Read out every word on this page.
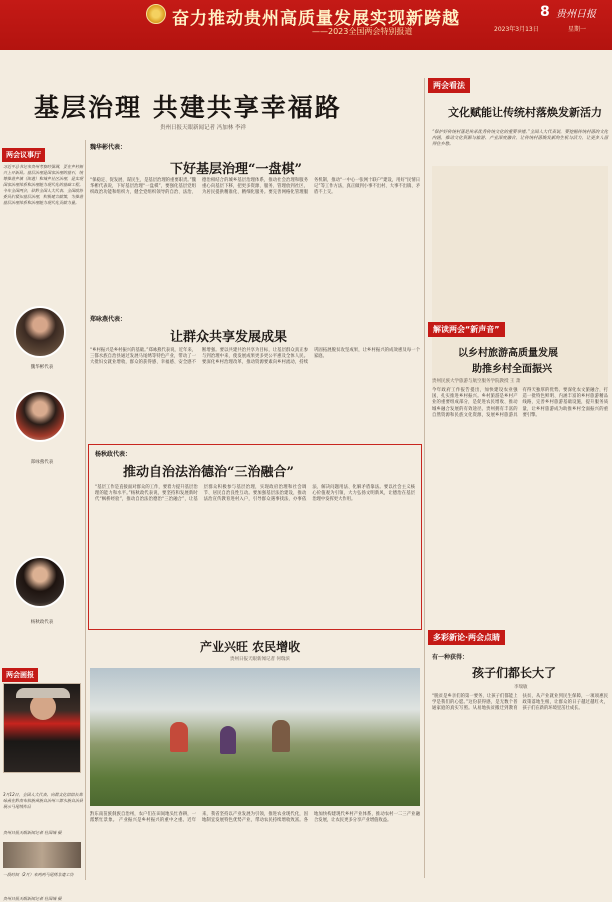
奋力推动贵州高质量发展实现新跨越
——2023全国两会特别报道
8 贵州日报
2023年3月13日	星期一
基层治理 共建共享幸福路
贵州日报天眼新闻记者 冯加林 李祥
两会议事厅
习近平总书记来贵州考察时强调，要在乡村振兴上开新局。基层治理是国家治理的基石，统筹推进乡镇（街道）和城乡社区治理，是实现国家治理体系和治理能力现代化的基础工程。今年全国两会，驻黔全国人大代表、全国政协委员们紧扣基层治理，积极建言献策，为推进基层治理体系和治理能力现代化贡献力量。
魏华彬代表
郑咏燕代表
杨秋政代表
两会画报
3月12日，全国人大代表、向群文化馆馆长郑咏燕在黔南布依族苗族自治州三都水族自治县展示马尾绣作品
贵州日报天眼新闻记者 杜国城 摄
一段时间（2月）来到到马尾绣非遗工坊
贵州日报天眼新闻记者 杜国城 摄
魏华彬代表：
下好基层治理“一盘棋”
“保稳定、促发展、谋民生，是基层治理的重要职责。”魏华彬代表说，下好基层治理“一盘棋”，要强化基层党组织政治功能和组织力，健全党组织领导的自治、法治、德治相结合的城乡基层治理体系，推动社会治理和服务重心向基层下移，把更多资源、服务、管理放到社区，为居民提供精准化、精细化服务。要完善网格化管理服务机制，推动“一中心一张网十联户”建设，用好“民情日记”等工作方法，真正做到小事不出村、大事不出镇、矛盾不上交。
郑咏燕代表：
让群众共享发展成果
“乡村振兴是乡村振兴的基础。”郑咏燕代表说，近年来，三都水族自治县通过发展马尾绣等特色产业，带动了一大批妇女就业增收，群众的获得感、幸福感、安全感不断增强。要以共建共治共享为目标，让基层群众真正参与到治理中来，使发展成果更多更公平惠及全体人民。要深化乡村治理改革，推动资源要素向乡村流动，持续巩固拓展脱贫攻坚成果，让乡村振兴的成效惠及每一个家庭。
杨秋政代表：
推动自治法治德治“三治融合”
“基层工作是直接面对群众的工作，要着力提升基层治理的能力和水平。”杨秋政代表说，要坚持和发展新时代“枫桥经验”，推动自治法治德治“三治融合”，让基层群众积极参与基层治理，实现政府治理和社会调节、居民自治良性互动。要加强基层法治建设，推动法治宣传教育进村入户，引导群众遇事找法、办事依法、解决问题用法、化解矛盾靠法。要以社会主义核心价值观为引领，大力弘扬文明新风，让德治在基层治理中发挥更大作用。
产业兴旺 农民增收
贵州日报天眼新闻记者 何瑞滨
黔东南苗族侗族自治州，农户们在田间地头忙春耕，一派繁忙景象。 产业振兴是乡村振兴的重中之重。近年来，我省坚持以产业发展为引领，推进农业现代化，因地制宜发展特色优势产业，带动农民持续增收致富。各地加快构建现代乡村产业体系，推动农村一二三产业融合发展，让农民更多分享产业增值收益。
两会看法
文化赋能让传统村落焕发新活力
“保护好传统村落是传承优秀传统文化的重要举措。”全国人大代表说，要挖掘传统村落的文化内涵，推动文化资源与旅游、产业深度融合，让传统村落焕发新的生机与活力，让更多人留得住乡愁。
解读两会“新声音”
以乡村旅游高质量发展
助推乡村全面振兴
贵州民族大学旅游与航空服务学院教授 王 萧
今年政府工作报告提出，加快建设农业强国，扎实推进乡村振兴。乡村旅游是乡村产业的重要组成部分，是促进农民增收、推动城乡融合发展的有效途径。贵州拥有丰富的自然资源和民族文化资源，发展乡村旅游具有得天独厚的优势。要深化农文旅融合，打造一批特色鲜明、内涵丰富的乡村旅游精品线路，完善乡村旅游基础设施，提升服务质量，让乡村旅游成为助推乡村全面振兴的重要引擎。
多彩新论·两会点睛
有一种获得：
孩子们都长大了
李瑞敏
“脱贫是乡亲们的第一要务，让孩子们都能上学是我们的心愿。”这份获得感，是无数个普通家庭的真实写照。从易地扶贫搬迁到教育扶贫，从产业就业到民生保障，一项项惠民政策落地生根，让群众的日子越过越红火，孩子们在新的环境里茁壮成长。
